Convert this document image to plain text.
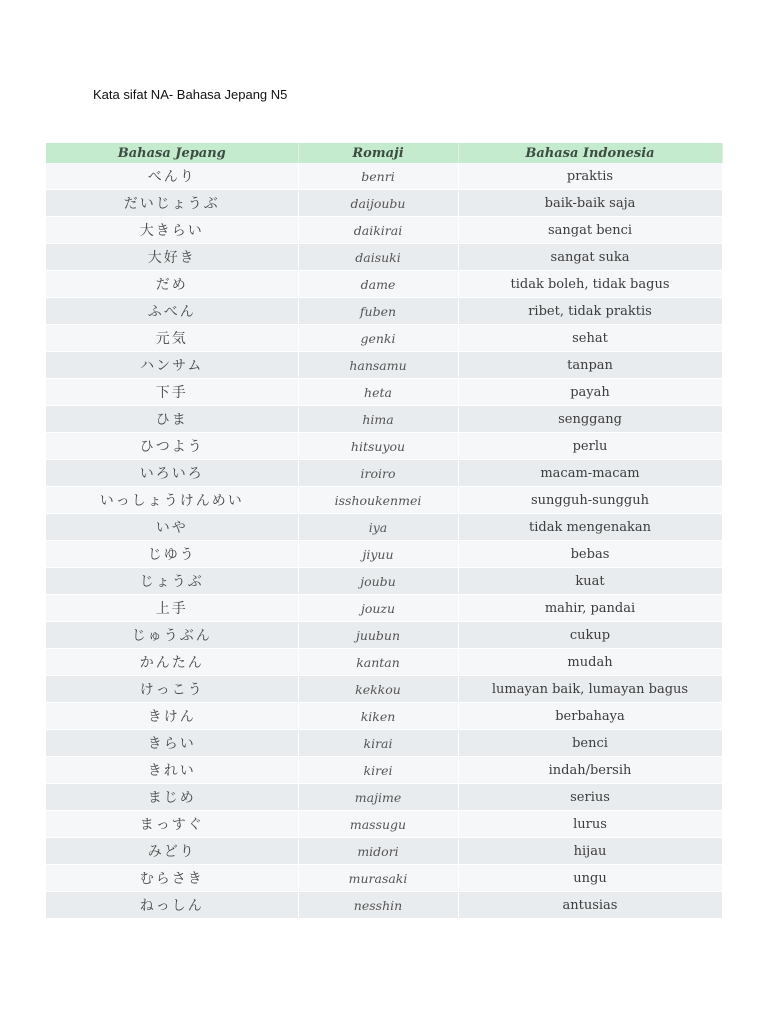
Kata sifat NA- Bahasa Jepang N5
Bahasa Jepang	Romaji	Bahasa Indonesia
べんり	benri	praktis
だいじょうぶ	daijoubu	baik-baik saja
大きらい	daikirai	sangat benci
大好き	daisuki	sangat suka
だめ	dame	tidak boleh, tidak bagus
ふべん	fuben	ribet, tidak praktis
元気	genki	sehat
ハンサム	hansamu	tanpan
下手	heta	payah
ひま	hima	senggang
ひつよう	hitsuyou	perlu
いろいろ	iroiro	macam-macam
いっしょうけんめい	isshoukenmei	sungguh-sungguh
いや	iya	tidak mengenakan
じゆう	jiyuu	bebas
じょうぶ	joubu	kuat
上手	jouzu	mahir, pandai
じゅうぶん	juubun	cukup
かんたん	kantan	mudah
けっこう	kekkou	lumayan baik, lumayan bagus
きけん	kiken	berbahaya
きらい	kirai	benci
きれい	kirei	indah/bersih
まじめ	majime	serius
まっすぐ	massugu	lurus
みどり	midori	hijau
むらさき	murasaki	ungu
ねっしん	nesshin	antusias
